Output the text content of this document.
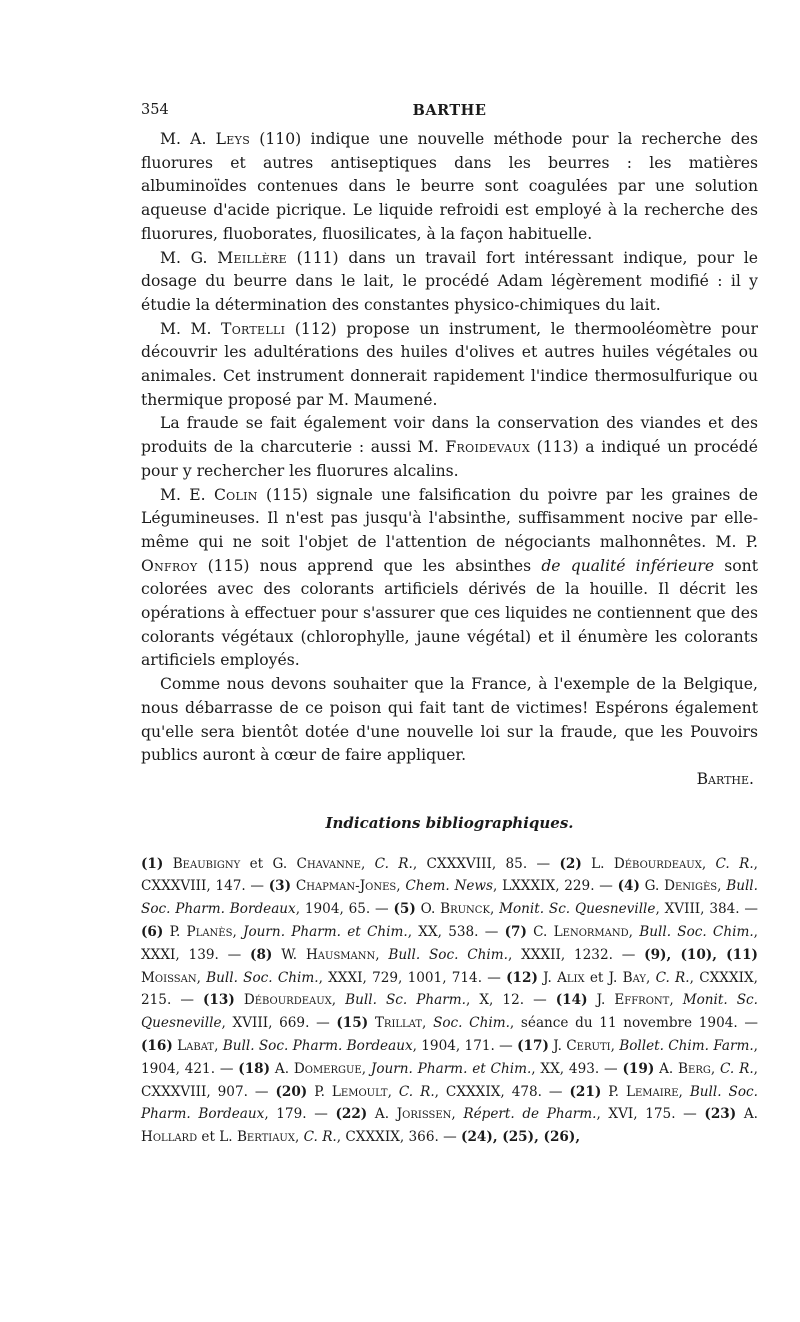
354	BARTHE

M. A. Leys (110) indique une nouvelle méthode pour la recherche des fluorures et autres antiseptiques dans les beurres : les matières albuminoïdes contenues dans le beurre sont coagulées par une solution aqueuse d'acide picrique. Le liquide refroidi est employé à la recherche des fluorures, fluoborates, fluosilicates, à la façon habituelle.

M. G. Meillère (111) dans un travail fort intéressant indique, pour le dosage du beurre dans le lait, le procédé Adam légèrement modifié : il y étudie la détermination des constantes physico-chimiques du lait.

M. M. Tortelli (112) propose un instrument, le thermooléomètre pour découvrir les adultérations des huiles d'olives et autres huiles végétales ou animales. Cet instrument donnerait rapidement l'indice thermosulfurique ou thermique proposé par M. Maumené.

La fraude se fait également voir dans la conservation des viandes et des produits de la charcuterie : aussi M. Froidevaux (113) a indiqué un procédé pour y rechercher les fluorures alcalins.

M. E. Colin (115) signale une falsification du poivre par les graines de Légumineuses. Il n'est pas jusqu'à l'absinthe, suffisamment nocive par elle-même qui ne soit l'objet de l'attention de négociants malhonnêtes. M. P. Onfroy (115) nous apprend que les absinthes de qualité inférieure sont colorées avec des colorants artificiels dérivés de la houille. Il décrit les opérations à effectuer pour s'assurer que ces liquides ne contiennent que des colorants végétaux (chlorophylle, jaune végétal) et il énumère les colorants artificiels employés.

Comme nous devons souhaiter que la France, à l'exemple de la Belgique, nous débarrasse de ce poison qui fait tant de victimes! Espérons également qu'elle sera bientôt dotée d'une nouvelle loi sur la fraude, que les Pouvoirs publics auront à cœur de faire appliquer.

Barthe.

Indications bibliographiques.

(1) Beaubigny et G. Chavanne, C. R., CXXXVIII, 85. — (2) L. Débourdeaux, C. R., CXXXVIII, 147. — (3) Chapman-Jones, Chem. News, LXXXIX, 229. — (4) G. Denigès, Bull. Soc. Pharm. Bordeaux, 1904, 65. — (5) O. Brunck, Monit. Sc. Quesneville, XVIII, 384. — (6) P. Planès, Journ. Pharm. et Chim., XX, 538. — (7) C. Lenormand, Bull. Soc. Chim., XXXI, 139. — (8) W. Hausmann, Bull. Soc. Chim., XXXII, 1232. — (9), (10), (11) Moissan, Bull. Soc. Chim., XXXI, 729, 1001, 714. — (12) J. Alix et J. Bay, C. R., CXXXIX, 215. — (13) Débourdeaux, Bull. Sc. Pharm., X, 12. — (14) J. Effront, Monit. Sc. Quesneville, XVIII, 669. — (15) Trillat, Soc. Chim., séance du 11 novembre 1904. — (16) Labat, Bull. Soc. Pharm. Bordeaux, 1904, 171. — (17) J. Ceruti, Bollet. Chim. Farm., 1904, 421. — (18) A. Domergue, Journ. Pharm. et Chim., XX, 493. — (19) A. Berg, C. R., CXXXVIII, 907. — (20) P. Lemoult, C. R., CXXXIX, 478. — (21) P. Lemaire, Bull. Soc. Pharm. Bordeaux, 179. — (22) A. Jorissen, Répert. de Pharm., XVI, 175. — (23) A. Hollard et L. Bertiaux, C. R., CXXXIX, 366. — (24), (25), (26),
